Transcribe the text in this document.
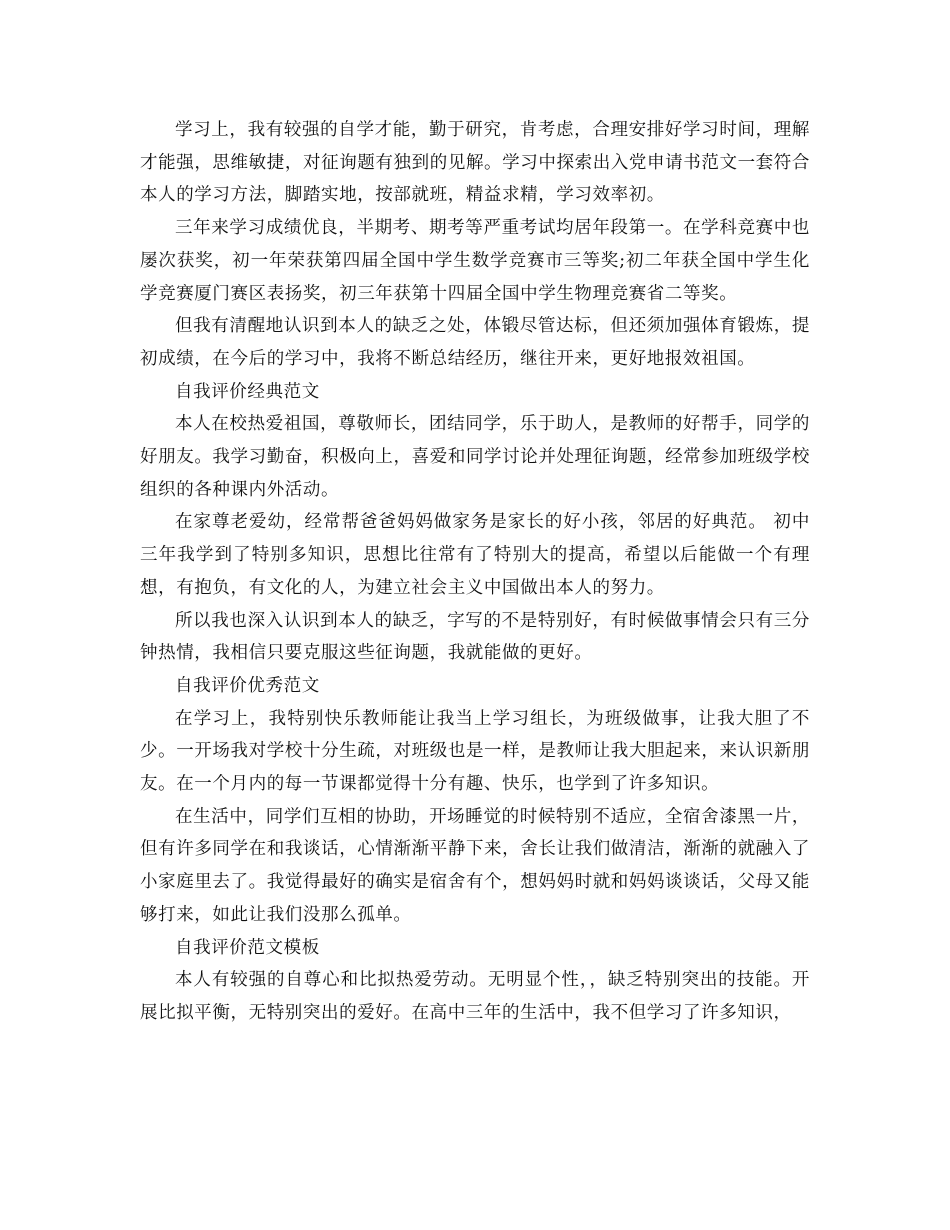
学习上，我有较强的自学才能，勤于研究，肯考虑，合理安排好学习时间，理解才能强，思维敏捷，对征询题有独到的见解。学习中探索出入党申请书范文一套符合本人的学习方法，脚踏实地，按部就班，精益求精，学习效率初。

三年来学习成绩优良，半期考、期考等严重考试均居年段第一。在学科竞赛中也屡次获奖，初一年荣获第四届全国中学生数学竞赛市三等奖;初二年获全国中学生化学竞赛厦门赛区表扬奖，初三年获第十四届全国中学生物理竞赛省二等奖。

但我有清醒地认识到本人的缺乏之处，体锻尽管达标，但还须加强体育锻炼，提初成绩，在今后的学习中，我将不断总结经历，继往开来，更好地报效祖国。

自我评价经典范文

本人在校热爱祖国，尊敬师长，团结同学，乐于助人，是教师的好帮手，同学的好朋友。我学习勤奋，积极向上，喜爱和同学讨论并处理征询题，经常参加班级学校组织的各种课内外活动。

在家尊老爱幼，经常帮爸爸妈妈做家务是家长的好小孩，邻居的好典范。 初中三年我学到了特别多知识，思想比往常有了特别大的提高，希望以后能做一个有理想，有抱负，有文化的人，为建立社会主义中国做出本人的努力。

所以我也深入认识到本人的缺乏，字写的不是特别好，有时候做事情会只有三分钟热情，我相信只要克服这些征询题，我就能做的更好。

自我评价优秀范文

在学习上，我特别快乐教师能让我当上学习组长，为班级做事，让我大胆了不少。一开场我对学校十分生疏，对班级也是一样，是教师让我大胆起来，来认识新朋友。在一个月内的每一节课都觉得十分有趣、快乐，也学到了许多知识。

在生活中，同学们互相的协助，开场睡觉的时候特别不适应，全宿舍漆黑一片，但有许多同学在和我谈话，心情渐渐平静下来，舍长让我们做清洁，渐渐的就融入了小家庭里去了。我觉得最好的确实是宿舍有个，想妈妈时就和妈妈谈谈话，父母又能够打来，如此让我们没那么孤单。

自我评价范文模板

本人有较强的自尊心和比拟热爱劳动。无明显个性，，缺乏特别突出的技能。开展比拟平衡，无特别突出的爱好。在高中三年的生活中，我不但学习了许多知识，
